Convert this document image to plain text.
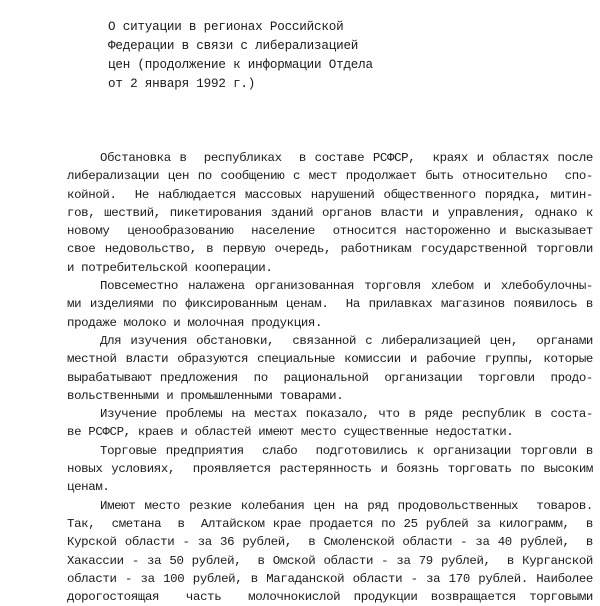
О ситуации в регионах Российской
Федерации в связи с либерализацией
цен (продолжение к информации Отдела
от 2 января 1992 г.)
Обстановка в  республиках  в составе РСФСР,  краях и областях после
либерализации цен по сообщению с мест продолжает быть относительно  спо-
койной.  Не наблюдается массовых нарушений общественного порядка, митин-
гов, шествий, пикетирования зданий органов власти и управления, однако к
новому  ценообразованию  население  относится настороженно и высказывает
свое недовольство, в первую очередь, работникам государственной торговли
и потребительской кооперации.
Повсеместно налажена организованная торговля хлебом и хлебобулочны-
ми изделиями по фиксированным ценам.  На прилавках магазинов появилось в
продаже молоко и молочная продукция.
Для изучения обстановки,  связанной с либерализацией цен,  органами
местной власти образуются специальные комиссии и рабочие группы, которые
вырабатывают предложения  по  рациональной  организации  торговли  продо-
вольственными и промышленными товарами.
Изучение проблемы на местах показало, что в ряде республик в соста-
ве РСФСР, краев и областей имеют место существенные недостатки.
Торговые предприятия  слабо  подготовились к организации торговли в
новых условиях,  проявляется растерянность и боязнь торговать по высоким
ценам.
Имеют место резкие колебания цен на ряд продовольственных  товаров.
Так,  сметана  в  Алтайском крае продается по 25 рублей за килограмм,  в
Курской области - за 36 рублей,  в Смоленской области - за 40 рублей,  в
Хакассии - за 50 рублей,  в Омской области - за 79 рублей,  в Курганской
области - за 100 рублей, в Магаданской области - за 170 рублей. Наиболее
дорогостоящая  часть  молочнокислой продукции возвращается торговыми
